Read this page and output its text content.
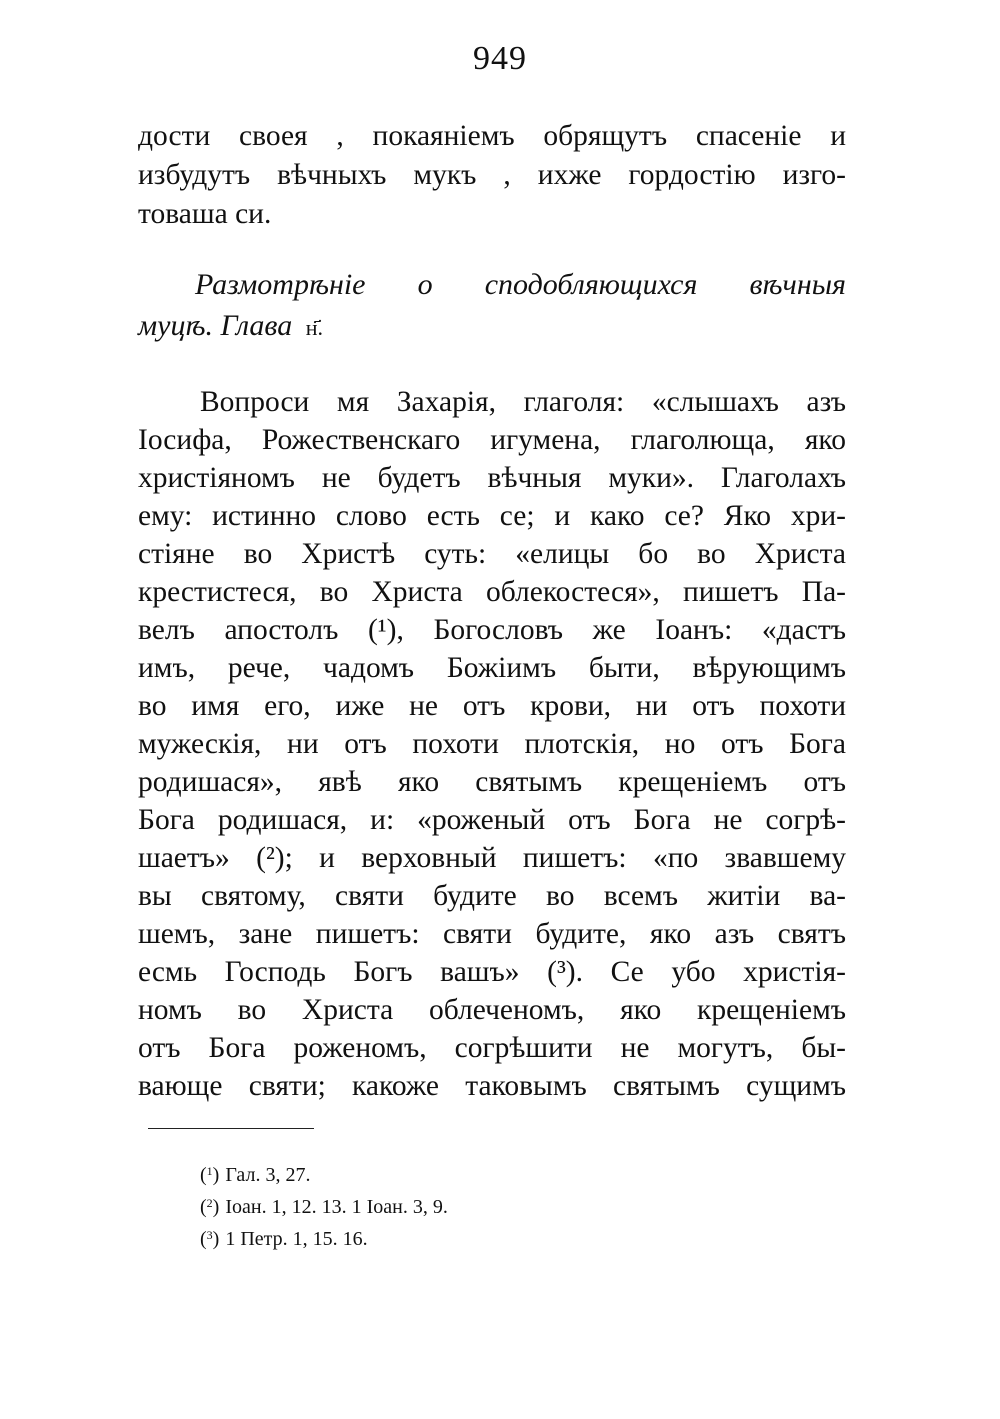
949
дости своея , покаяніемъ обрящутъ спасеніе и
избудутъ вѣчныхъ мукъ , ихже гордостію изго-
товаша си.
Размотрѣніе о сподобляющихся вѣчныя
муцѣ. Глава н҃.
Вопроси мя Захарія, глаголя: «слышахъ азъ
Іосифа, Рожественскаго игумена, глаголюща, яко
христіяномъ не будетъ вѣчныя муки». Глаголахъ
ему: истинно слово есть се; и како се? Яко хри-
стіяне во Христѣ суть: «елицы бо во Христа
крестистеся, во Христа облекостеся», пишетъ Па-
велъ апостолъ (¹), Богословъ же Іоанъ: «дастъ
имъ, рече, чадомъ Божіимъ быти, вѣрующимъ
во имя его, иже не отъ крови, ни отъ похоти
мужескія, ни отъ похоти плотскія, но отъ Бога
родишася», явѣ яко святымъ крещеніемъ отъ
Бога родишася, и: «роженый отъ Бога не согрѣ-
шаетъ» (²); и верховный пишетъ: «по звавшему
вы святому, святи будите во всемъ житіи ва-
шемъ, зане пишетъ: святи будите, яко азъ святъ
есмь Господь Богъ вашъ» (³). Се убо христія-
номъ во Христа облеченомъ, яко крещеніемъ
отъ Бога роженомъ, согрѣшити не могутъ, бы-
вающе святи; какоже таковымъ святымъ сущимъ
($^1$) Гал. 3, 27.
($^2$) Іоан. 1, 12. 13. 1 Іоан. 3, 9.
($^3$) 1 Петр. 1, 15. 16.
